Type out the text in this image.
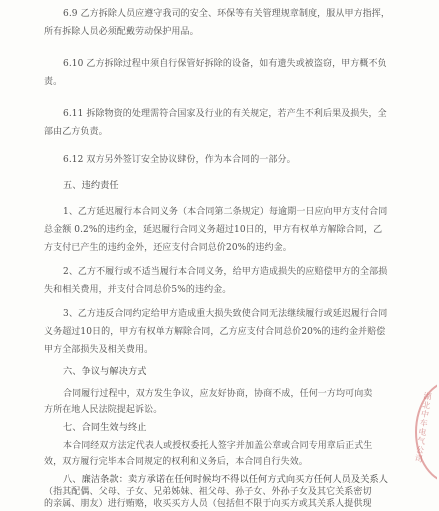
6.9 乙方拆除人员应遵守我司的安全、环保等有关管理规章制度，服从甲方指挥，
所有拆除人员必须配戴劳动保护用品。
6.10 乙方拆除过程中须自行保管好拆除的设备，如有遗失或被盗窃，甲方概不负
责。
6.11 拆除物资的处理需符合国家及行业的有关规定，若产生不利后果及损失，全
部由乙方负责。
6.12 双方另外签订安全协议肆份，作为本合同的一部分。
五、违约责任
1、乙方延迟履行本合同义务（本合同第二条规定）每逾期一日应向甲方支付合同
总金额 0.2%的违约金，延迟履行合同义务超过10日的，甲方有权单方解除合同，乙
方支付已产生的违约金外，还应支付合同总价20%的违约金。
2、乙方不履行或不适当履行本合同义务，给甲方造成损失的应赔偿甲方的全部损
失和相关费用，并支付合同总价5%的违约金。
3、乙方违反合同约定给甲方造成重大损失致使合同无法继续履行或延迟履行合同
义务超过10日的，甲方有权单方解除合同，乙方应支付合同总价20%的违约金并赔偿
甲方全部损失及相关费用。
六、争议与解决方式
合同履行过程中，双方发生争议，应友好协商，协商不成，任何一方均可向卖
方所在地人民法院提起诉讼。
七、合同生效与终止
本合同经双方法定代表人或授权委托人签字并加盖公章或合同专用章后正式生
效，双方履行完毕本合同规定的权利和义务后，本合同自行失效。
八、廉洁条款：卖方承诺在任何时候均不得以任何方式向买方任何人员及关系人
（指其配偶、父母、子女、兄弟姊妹、祖父母、孙子女、外孙子女及其它关系密切
的亲属、朋友）进行贿赂，收买买方人员（包括但不限于向买方或其关系人提供现
湖北中车电气公司
